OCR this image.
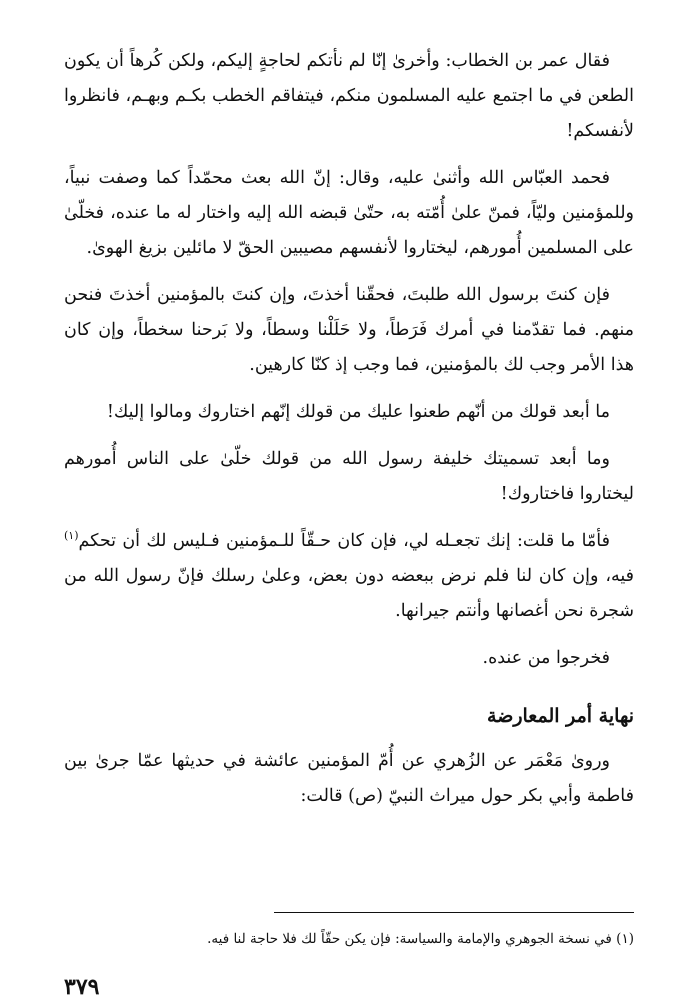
فقال عمر بن الخطاب: وأخرىٰ إنّا لم نأتكم لحاجةٍ إليكم، ولكن كُرهاً أن يكون الطعن في ما اجتمع عليه المسلمون منكم، فيتفاقم الخطب بكـم وبهـم، فانظروا لأنفسكم!

فحمد العبّاس الله وأثنىٰ عليه، وقال: إنّ الله بعث محمّداً كما وصفت نبياً، وللمؤمنين وليّاً، فمنّ علىٰ أُمّته به، حتّىٰ قبضه الله إليه واختار له ما عنده، فخلّىٰ على المسلمين أُمورهم، ليختاروا لأنفسهم مصيبين الحقّ لا مائلين بزيغ الهوىٰ.

فإن كنتَ برسول الله طلبتَ، فحقّنا أخذتَ، وإن كنتَ بالمؤمنين أخذتَ فنحن منهم. فما تقدّمنا في أمرك فَرَطاً، ولا حَلَلْنا وسطاً، ولا بَرحنا سخطاً، وإن كان هذا الأمر وجب لك بالمؤمنين، فما وجب إذ كنّا كارهين.

ما أبعد قولك من أنّهم طعنوا عليك من قولك إنّهم اختاروك ومالوا إليك!

وما أبعد تسميتك خليفة رسول الله من قولك خلّىٰ على الناس أُمورهم ليختاروا فاختاروك!

فأمّا ما قلت: إنك تجعـله لي، فإن كان حـقّاً للـمؤمنين فـليس لك أن تحكم$^{(١)}$ فيه، وإن كان لنا فلم نرض ببعضه دون بعض، وعلىٰ رسلك فإنّ رسول الله من شجرة نحن أغصانها وأنتم جيرانها.

فخرجوا من عنده.

نهاية أمر المعارضة

وروىٰ مَعْمَر عن الزُهري عن أُمّ المؤمنين عائشة في حديثها عمّا جرىٰ بين فاطمة وأبي بكر حول ميراث النبيّ (ص) قالت:

(١) في نسخة الجوهري والإمامة والسياسة: فإن يكن حقّاً لك فلا حاجة لنا فيه.
٣٧٩
